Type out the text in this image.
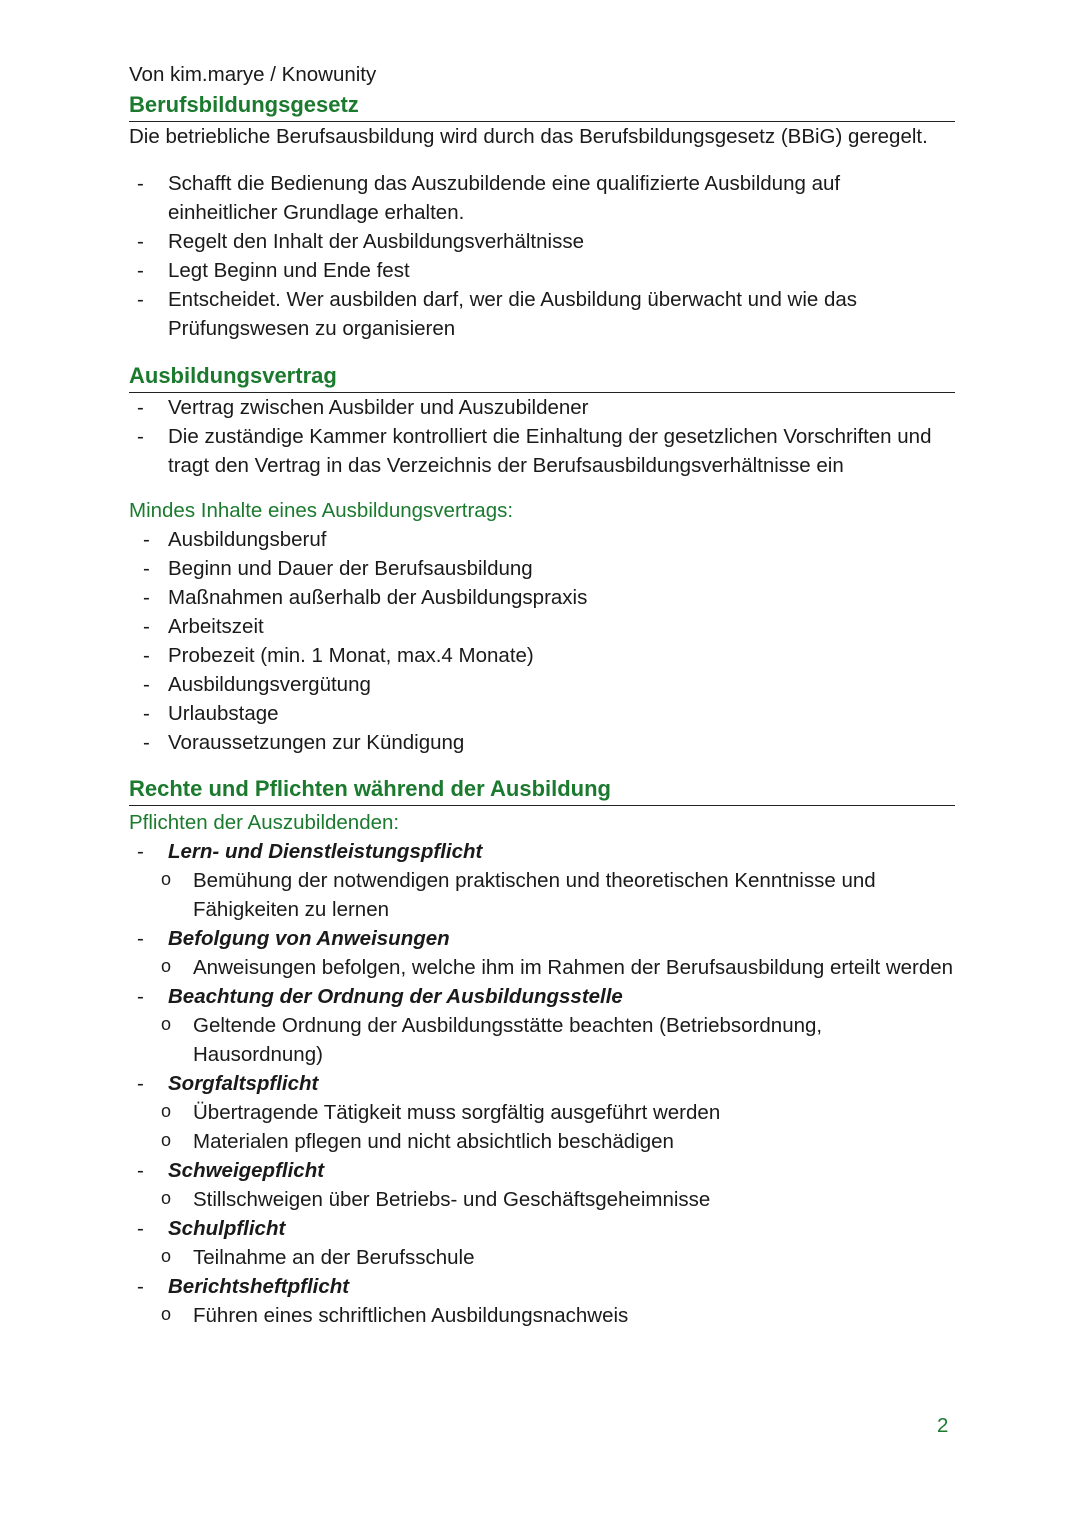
Von kim.marye / Knowunity

Berufsbildungsgesetz

Die betriebliche Berufsausbildung wird durch das Berufsbildungsgesetz (BBiG) geregelt.

- Schafft die Bedienung das Auszubildende eine qualifizierte Ausbildung auf einheitlicher Grundlage erhalten.
- Regelt den Inhalt der Ausbildungsverhältnisse
- Legt Beginn und Ende fest
- Entscheidet. Wer ausbilden darf, wer die Ausbildung überwacht und wie das Prüfungswesen zu organisieren
Ausbildungsvertrag
- Vertrag zwischen Ausbilder und Auszubildener
- Die zuständige Kammer kontrolliert die Einhaltung der gesetzlichen Vorschriften und tragt den Vertrag in das Verzeichnis der Berufsausbildungsverhältnisse ein

Mindes Inhalte eines Ausbildungsvertrags:

- Ausbildungsberuf
- Beginn und Dauer der Berufsausbildung
- Maßnahmen außerhalb der Ausbildungspraxis
- Arbeitszeit
- Probezeit (min. 1 Monat, max.4 Monate)
- Ausbildungsvergütung
- Urlaubstage
- Voraussetzungen zur Kündigung
Rechte und Pflichten während der Ausbildung

Pflichten der Auszubildenden:

- Lern- und Dienstleistungspflicht
o Bemühung der notwendigen praktischen und theoretischen Kenntnisse und Fähigkeiten zu lernen
- Befolgung von Anweisungen
o Anweisungen befolgen, welche ihm im Rahmen der Berufsausbildung erteilt werden
- Beachtung der Ordnung der Ausbildungsstelle
o Geltende Ordnung der Ausbildungsstätte beachten (Betriebsordnung, Hausordnung)
- Sorgfaltspflicht
o Übertragende Tätigkeit muss sorgfältig ausgeführt werden
o Materialen pflegen und nicht absichtlich beschädigen
- Schweigepflicht
o Stillschweigen über Betriebs- und Geschäftsgeheimnisse
- Schulpflicht
o Teilnahme an der Berufsschule
- Berichtsheftpflicht
o Führen eines schriftlichen Ausbildungsnachweis
2
